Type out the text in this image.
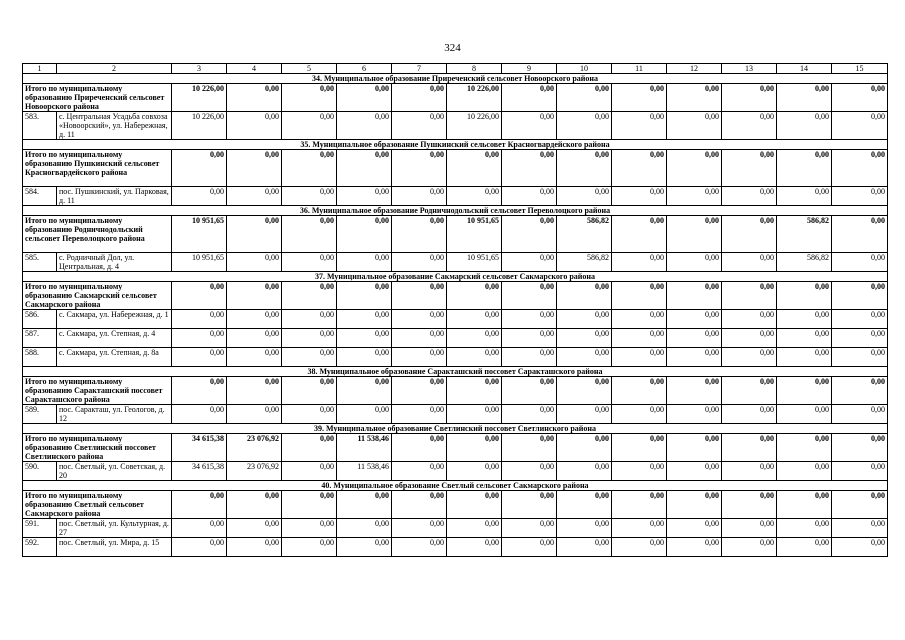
324
1	2	3	4	5	6	7	8	9	10	11	12	13	14	15
34. Муниципальное образование Приреченский сельсовет Новоорского района														
Итого по муниципальному образованию Приреченский сельсовет Новоорского района		10 226,00	0,00	0,00	0,00	0,00	10 226,00	0,00	0,00	0,00	0,00	0,00	0,00	0,00
583.	с. Центральная Усадьба совхоза «Новоорский», ул. Набережная, д. 11	10 226,00	0,00	0,00	0,00	0,00	10 226,00	0,00	0,00	0,00	0,00	0,00	0,00	0,00
35. Муниципальное образование Пушкинский сельсовет Красногвардейского района														
Итого по муниципальному образованию Пушкинский сельсовет Красногвардейского района		0,00	0,00	0,00	0,00	0,00	0,00	0,00	0,00	0,00	0,00	0,00	0,00	0,00
584.	пос. Пушкинский, ул. Парковая, д. 11	0,00	0,00	0,00	0,00	0,00	0,00	0,00	0,00	0,00	0,00	0,00	0,00	0,00
36. Муниципальное образование Родничнодольский сельсовет Переволоцкого района														
Итого по муниципальному образованию Родничнодольский сельсовет Переволоцкого района		10 951,65	0,00	0,00	0,00	0,00	10 951,65	0,00	586,82	0,00	0,00	0,00	586,82	0,00
585.	с. Родничный Дол, ул. Центральная, д. 4	10 951,65	0,00	0,00	0,00	0,00	10 951,65	0,00	586,82	0,00	0,00	0,00	586,82	0,00
37. Муниципальное образование Сакмарский сельсовет Сакмарского района														
Итого по муниципальному образованию Сакмарский сельсовет Сакмарского района		0,00	0,00	0,00	0,00	0,00	0,00	0,00	0,00	0,00	0,00	0,00	0,00	0,00
586.	с. Сакмара, ул. Набережная, д. 1	0,00	0,00	0,00	0,00	0,00	0,00	0,00	0,00	0,00	0,00	0,00	0,00	0,00
587.	с. Сакмара, ул. Степная, д. 4	0,00	0,00	0,00	0,00	0,00	0,00	0,00	0,00	0,00	0,00	0,00	0,00	0,00
588.	с. Сакмара, ул. Степная, д. 8а	0,00	0,00	0,00	0,00	0,00	0,00	0,00	0,00	0,00	0,00	0,00	0,00	0,00
38. Муниципальное образование Саракташский поссовет Саракташского района														
Итого по муниципальному образованию Саракташский поссовет Саракташского района		0,00	0,00	0,00	0,00	0,00	0,00	0,00	0,00	0,00	0,00	0,00	0,00	0,00
589.	пос. Саракташ, ул. Геологов, д. 12	0,00	0,00	0,00	0,00	0,00	0,00	0,00	0,00	0,00	0,00	0,00	0,00	0,00
39. Муниципальное образование Светлинский поссовет Светлинского района														
Итого по муниципальному образованию Светлинский поссовет Светлинского района		34 615,38	23 076,92	0,00	11 538,46	0,00	0,00	0,00	0,00	0,00	0,00	0,00	0,00	0,00
590.	пос. Светлый, ул. Советская, д. 20	34 615,38	23 076,92	0,00	11 538,46	0,00	0,00	0,00	0,00	0,00	0,00	0,00	0,00	0,00
40. Муниципальное образование Светлый сельсовет Сакмарского района														
Итого по муниципальному образованию Светлый сельсовет Сакмарского района		0,00	0,00	0,00	0,00	0,00	0,00	0,00	0,00	0,00	0,00	0,00	0,00	0,00
591.	пос. Светлый, ул. Культурная, д. 27	0,00	0,00	0,00	0,00	0,00	0,00	0,00	0,00	0,00	0,00	0,00	0,00	0,00
592.	пос. Светлый, ул. Мира, д. 15	0,00	0,00	0,00	0,00	0,00	0,00	0,00	0,00	0,00	0,00	0,00	0,00	0,00
